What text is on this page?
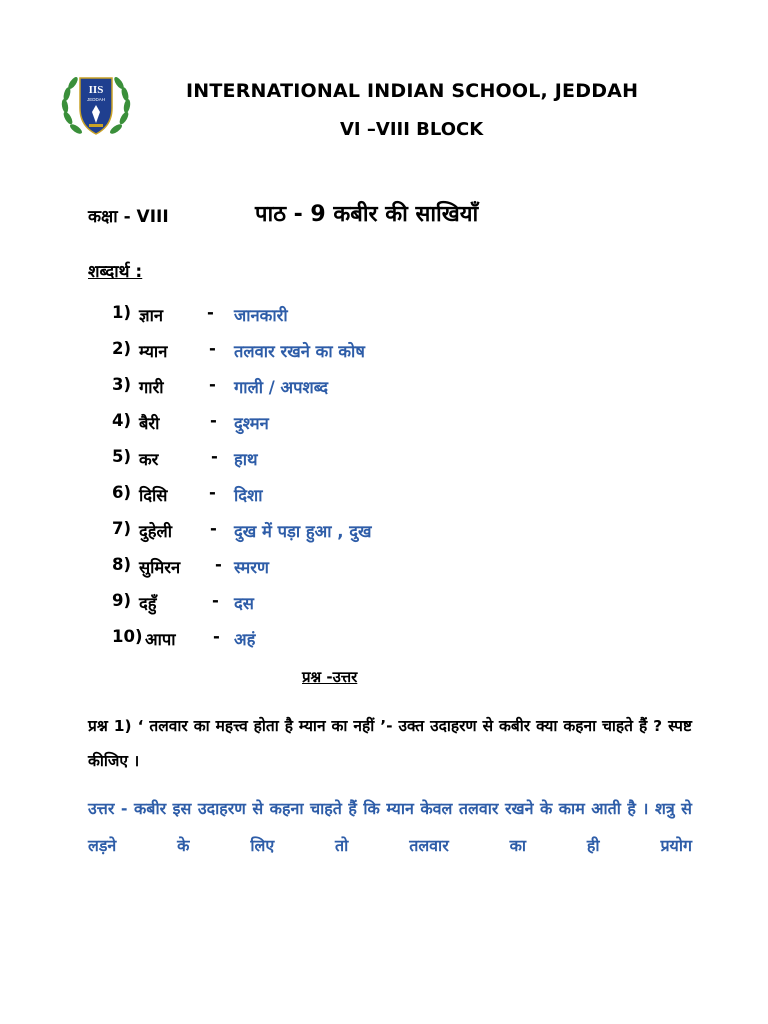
IIS
JEDDAH	INTERNATIONAL INDIAN SCHOOL, JEDDAH
VI –VIII BLOCK
कक्षा - VIII	पाठ - 9 कबीर की साखियाँ
शब्दार्थ :
1) ज्ञान	- जानकारी
2) म्यान	- तलवार रखने का कोष
3) गारी	- गाली / अपशब्द
4) बैरी	- दुश्मन
5) कर	- हाथ
6) दिसि	- दिशा
7) दुहेली - दुख में पड़ा हुआ , दुख
8) सुमिरन - स्मरण
9) दहुँ	- दस
10) आपा - अहं
प्रश्न -उत्तर
प्रश्न 1) ‘ तलवार का महत्त्व होता है म्यान का नहीं ’- उक्त उदाहरण से कबीर क्या कहना चाहते हैं ? स्पष्ट कीजिए ।
उत्तर - कबीर इस उदाहरण से कहना चाहते हैं कि म्यान केवल तलवार रखने के काम आती है । शत्रु से लड़ने के लिए तो तलवार का ही प्रयोग
